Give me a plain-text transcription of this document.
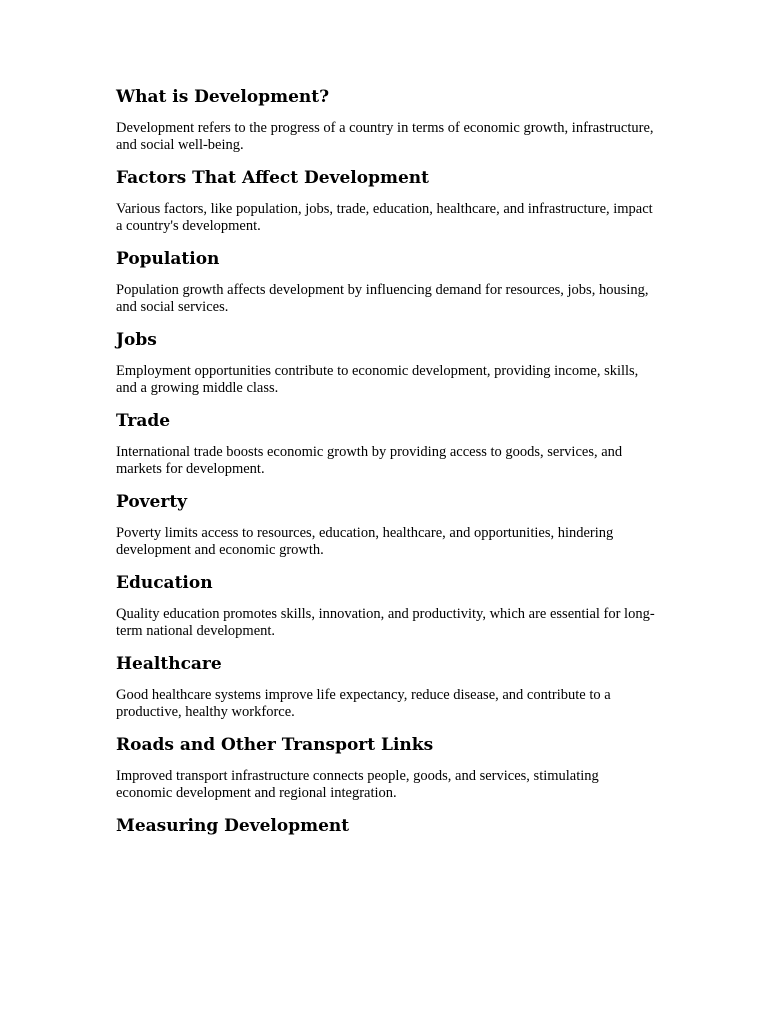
What is Development?

Development refers to the progress of a country in terms of economic growth, infrastructure, and social well-being.

Factors That Affect Development

Various factors, like population, jobs, trade, education, healthcare, and infrastructure, impact a country's development.

Population

Population growth affects development by influencing demand for resources, jobs, housing, and social services.

Jobs

Employment opportunities contribute to economic development, providing income, skills, and a growing middle class.

Trade

International trade boosts economic growth by providing access to goods, services, and markets for development.

Poverty

Poverty limits access to resources, education, healthcare, and opportunities, hindering development and economic growth.

Education

Quality education promotes skills, innovation, and productivity, which are essential for long-term national development.

Healthcare

Good healthcare systems improve life expectancy, reduce disease, and contribute to a productive, healthy workforce.

Roads and Other Transport Links

Improved transport infrastructure connects people, goods, and services, stimulating economic development and regional integration.

Measuring Development
